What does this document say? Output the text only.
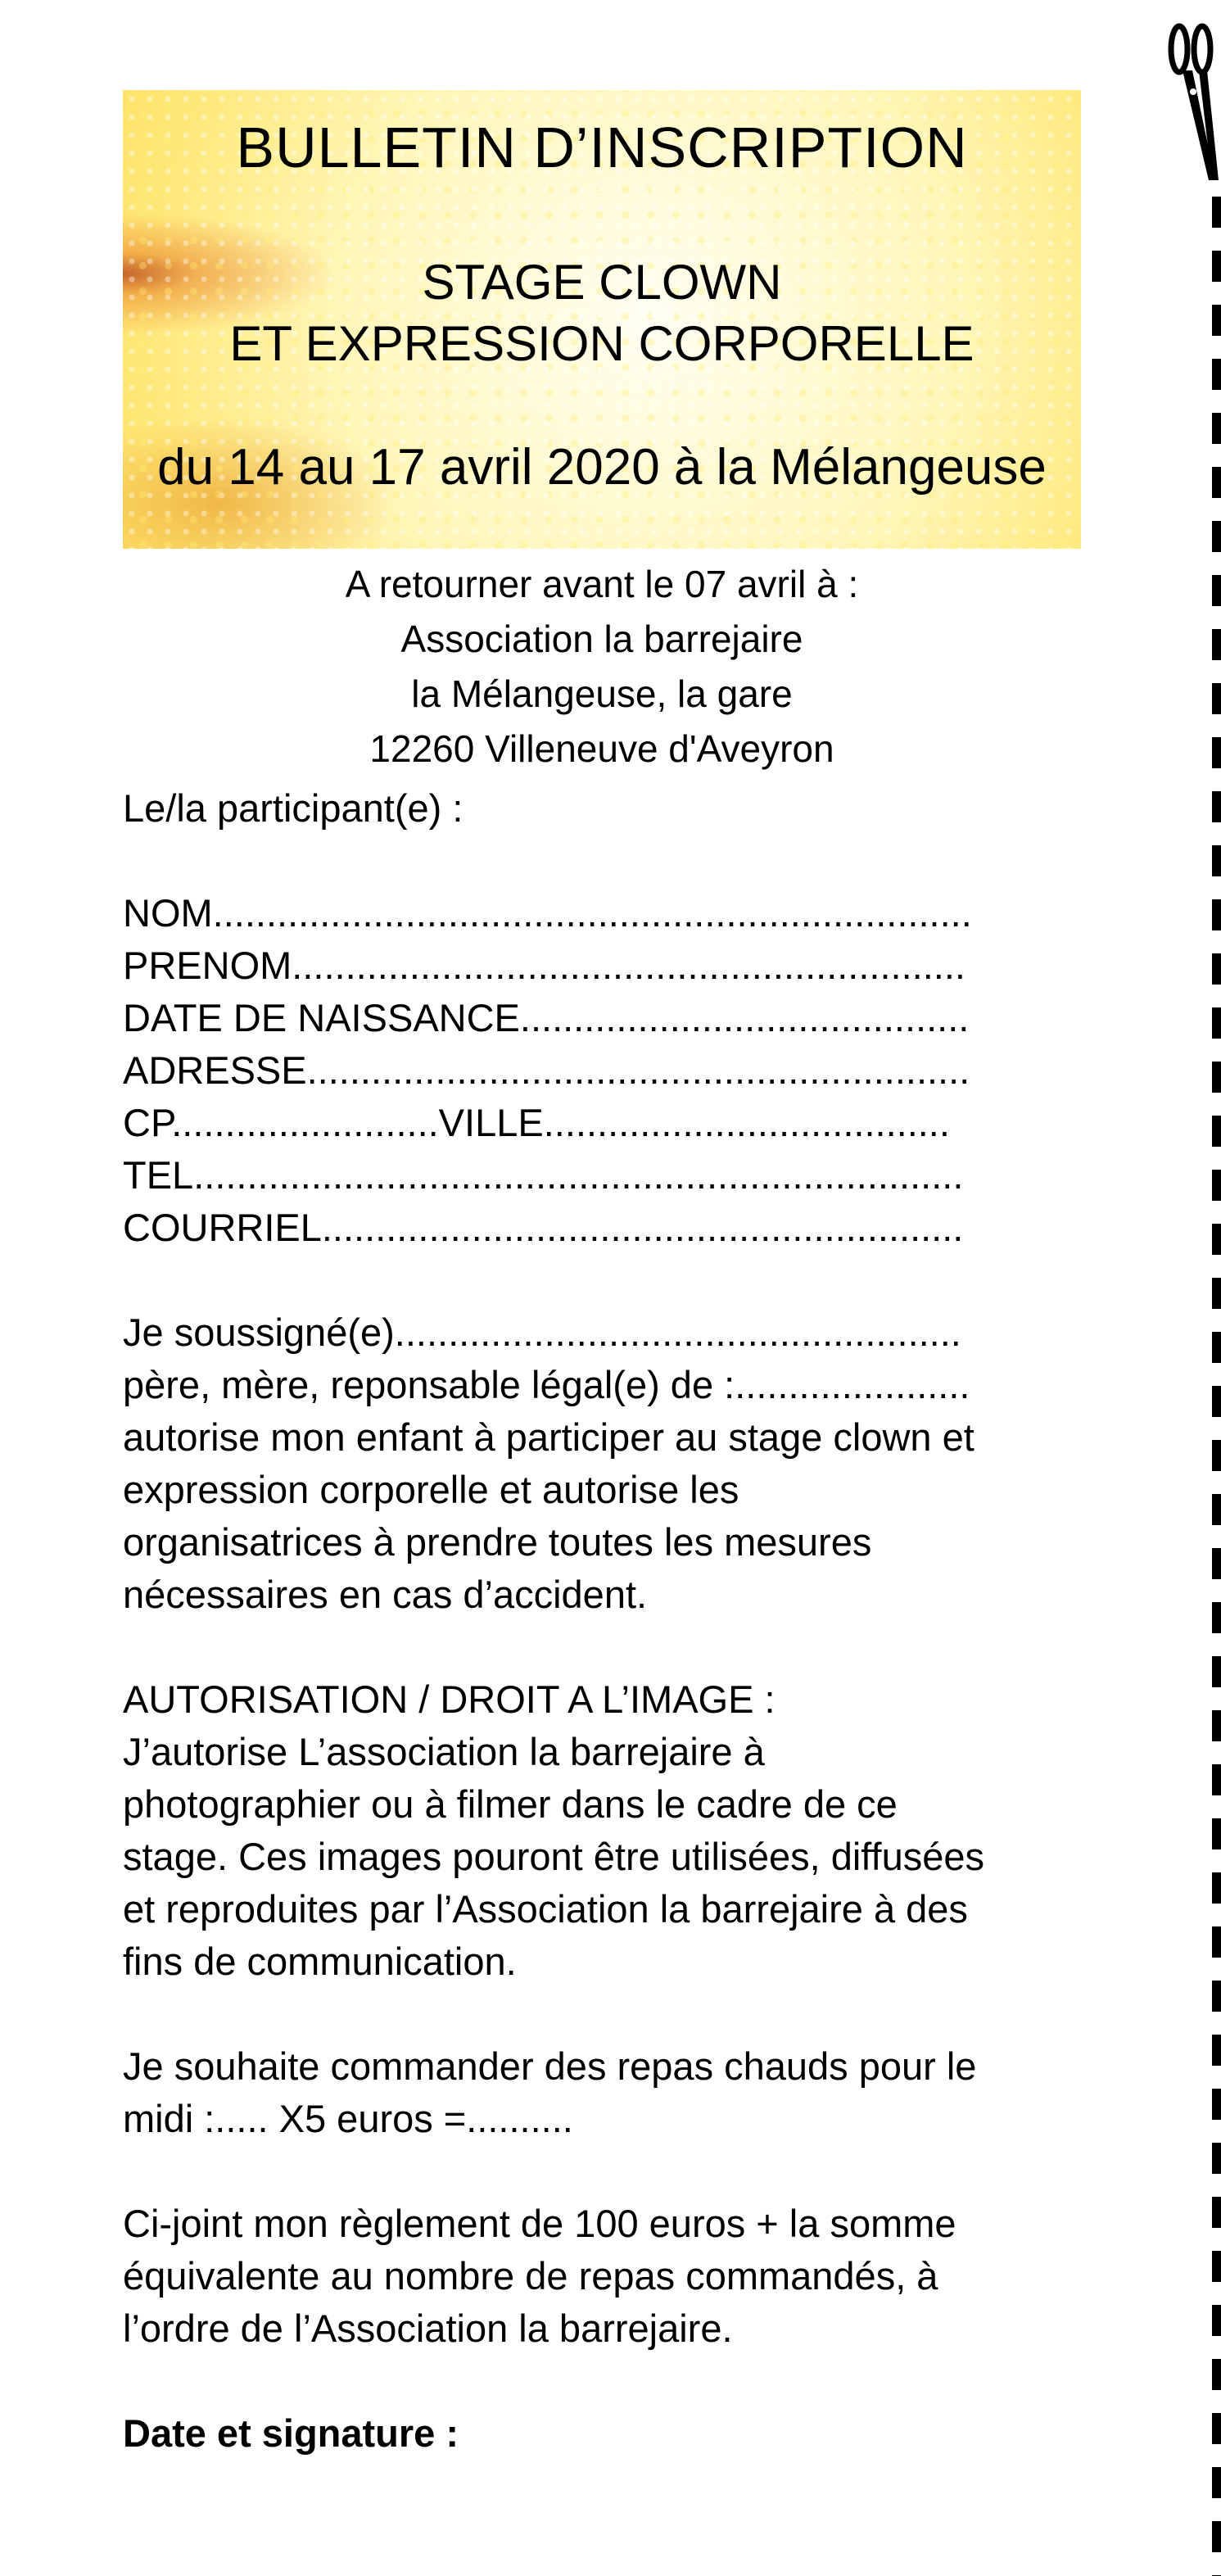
BULLETIN D’INSCRIPTION
STAGE CLOWN
ET EXPRESSION CORPORELLE
du 14 au 17 avril 2020 à la Mélangeuse
A retourner avant le 07 avril à :
Association la barrejaire
la Mélangeuse, la gare
12260 Villeneuve d'Aveyron
Le/la participant(e) :
NOM.......................................................................
PRENOM...............................................................
DATE DE NAISSANCE..........................................
ADRESSE..............................................................
CP.........................VILLE......................................
TEL........................................................................
COURRIEL............................................................
Je soussigné(e).....................................................
père, mère, reponsable légal(e) de :......................
autorise mon enfant à participer au stage clown et
expression corporelle et autorise les
organisatrices à prendre toutes les mesures
nécessaires en cas d’accident.
AUTORISATION / DROIT A L’IMAGE :
J’autorise L’association la barrejaire à
photographier ou à filmer dans le cadre de ce
stage. Ces images pouront être utilisées, diffusées
et reproduites par l’Association la barrejaire à des
fins de communication.
Je souhaite commander des repas chauds pour le
midi :..... X5 euros =..........
Ci-joint mon règlement de 100 euros + la somme
équivalente au nombre de repas commandés, à
l’ordre de l’Association la barrejaire.
Date et signature :
